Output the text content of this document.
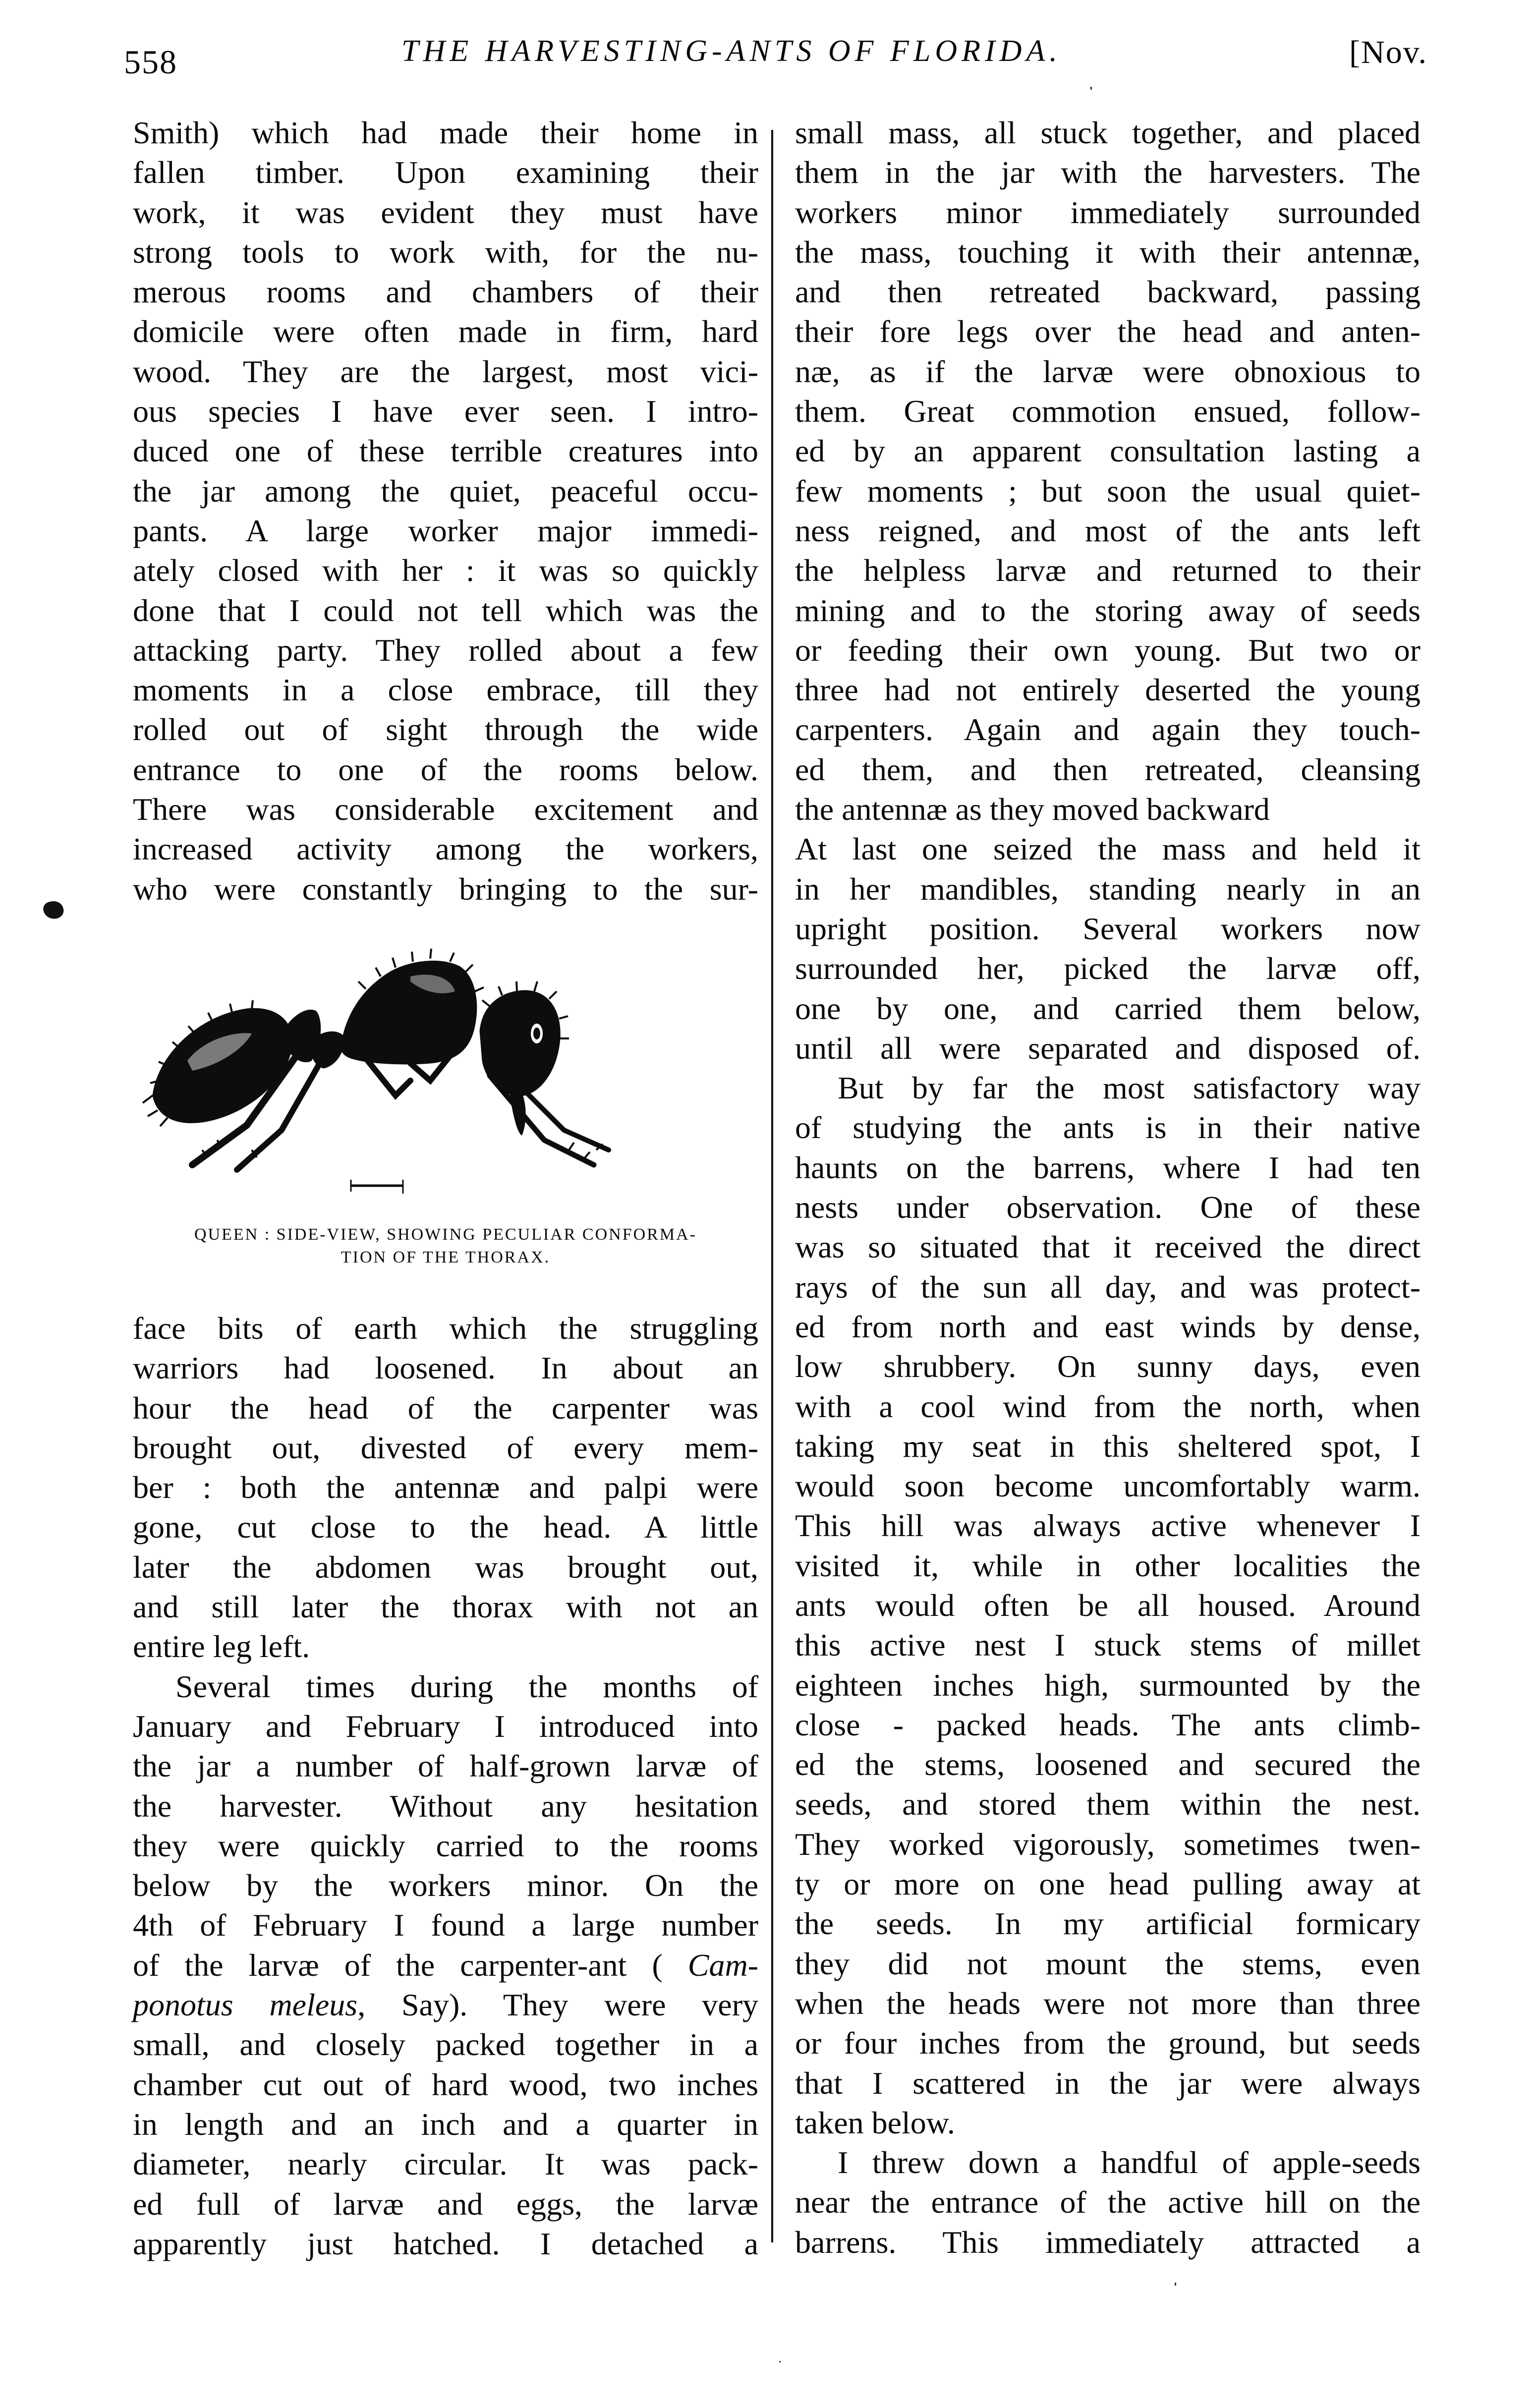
558	THE HARVESTING-ANTS OF FLORIDA.	[Nov.
Smith) which had made their home in
fallen timber. Upon examining their
work, it was evident they must have
strong tools to work with, for the nu-
merous rooms and chambers of their
domicile were often made in firm, hard
wood. They are the largest, most vici-
ous species I have ever seen. I intro-
duced one of these terrible creatures into
the jar among the quiet, peaceful occu-
pants. A large worker major immedi-
ately closed with her : it was so quickly
done that I could not tell which was the
attacking party. They rolled about a few
moments in a close embrace, till they
rolled out of sight through the wide
entrance to one of the rooms below.
There was considerable excitement and
increased activity among the workers,
who were constantly bringing to the sur-
QUEEN : SIDE-VIEW, SHOWING PECULIAR CONFORMA-
TION OF THE THORAX.
face bits of earth which the struggling
warriors had loosened. In about an
hour the head of the carpenter was
brought out, divested of every mem-
ber : both the antennæ and palpi were
gone, cut close to the head. A little
later the abdomen was brought out,
and still later the thorax with not an
entire leg left.
Several times during the months of
January and February I introduced into
the jar a number of half-grown larvæ of
the harvester. Without any hesitation
they were quickly carried to the rooms
below by the workers minor. On the
4th of February I found a large number
of the larvæ of the carpenter-ant ( Cam-
ponotus meleus, Say). They were very
small, and closely packed together in a
chamber cut out of hard wood, two inches
in length and an inch and a quarter in
diameter, nearly circular. It was pack-
ed full of larvæ and eggs, the larvæ
apparently just hatched. I detached a
small mass, all stuck together, and placed
them in the jar with the harvesters. The
workers minor immediately surrounded
the mass, touching it with their antennæ,
and then retreated backward, passing
their fore legs over the head and anten-
næ, as if the larvæ were obnoxious to
them. Great commotion ensued, follow-
ed by an apparent consultation lasting a
few moments ; but soon the usual quiet-
ness reigned, and most of the ants left
the helpless larvæ and returned to their
mining and to the storing away of seeds
or feeding their own young. But two or
three had not entirely deserted the young
carpenters. Again and again they touch-
ed them, and then retreated, cleansing
the antennæ as they moved backward
At last one seized the mass and held it
in her mandibles, standing nearly in an
upright position. Several workers now
surrounded her, picked the larvæ off,
one by one, and carried them below,
until all were separated and disposed of.
But by far the most satisfactory way
of studying the ants is in their native
haunts on the barrens, where I had ten
nests under observation. One of these
was so situated that it received the direct
rays of the sun all day, and was protect-
ed from north and east winds by dense,
low shrubbery. On sunny days, even
with a cool wind from the north, when
taking my seat in this sheltered spot, I
would soon become uncomfortably warm.
This hill was always active whenever I
visited it, while in other localities the
ants would often be all housed. Around
this active nest I stuck stems of millet
eighteen inches high, surmounted by the
close - packed heads. The ants climb-
ed the stems, loosened and secured the
seeds, and stored them within the nest.
They worked vigorously, sometimes twen-
ty or more on one head pulling away at
the seeds. In my artificial formicary
they did not mount the stems, even
when the heads were not more than three
or four inches from the ground, but seeds
that I scattered in the jar were always
taken below.
I threw down a handful of apple-seeds
near the entrance of the active hill on the
barrens. This immediately attracted a
